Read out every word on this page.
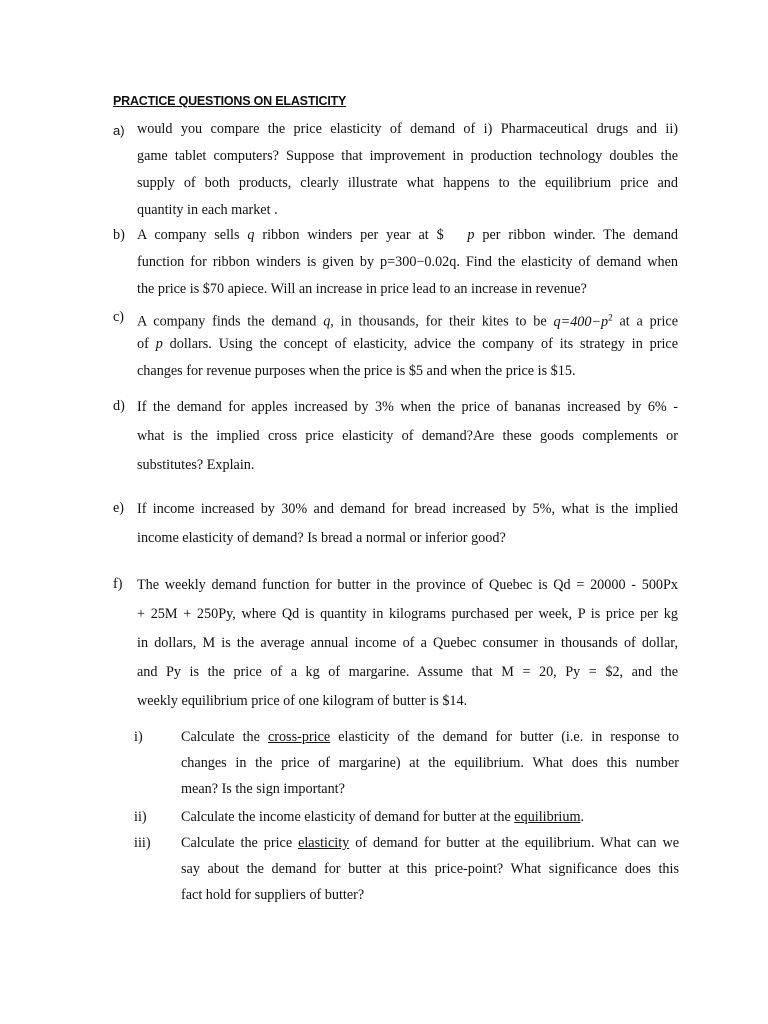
PRACTICE QUESTIONS ON ELASTICITY
a) would you compare the price elasticity of demand of i) Pharmaceutical drugs and ii)
game tablet computers? Suppose that improvement in production technology doubles the
supply of both products, clearly illustrate what happens to the equilibrium price and
quantity in each market .
b) A company sells q ribbon winders per year at $ p per ribbon winder. The demand
function for ribbon winders is given by p=300−0.02q. Find the elasticity of demand when
the price is $70 apiece. Will an increase in price lead to an increase in revenue?
c) A company finds the demand q, in thousands, for their kites to be $q=400-p^2$ at a price
of p dollars. Using the concept of elasticity, advice the company of its strategy in price
changes for revenue purposes when the price is $5 and when the price is $15.
d) If the demand for apples increased by 3% when the price of bananas increased by 6% -
what is the implied cross price elasticity of demand?Are these goods complements or
substitutes? Explain.
e) If income increased by 30% and demand for bread increased by 5%, what is the implied
income elasticity of demand? Is bread a normal or inferior good?
f) The weekly demand function for butter in the province of Quebec is Qd = 20000 - 500Px
+ 25M + 250Py, where Qd is quantity in kilograms purchased per week, P is price per kg
in dollars, M is the average annual income of a Quebec consumer in thousands of dollar,
and Py is the price of a kg of margarine. Assume that M = 20, Py = $2, and the
weekly equilibrium price of one kilogram of butter is $14.
i)	Calculate the cross-price elasticity of the demand for butter (i.e. in response to
changes in the price of margarine) at the equilibrium. What does this number
mean? Is the sign important?
ii) Calculate the income elasticity of demand for butter at the equilibrium.
iii) Calculate the price elasticity of demand for butter at the equilibrium. What can we
say about the demand for butter at this price-point? What significance does this
fact hold for suppliers of butter?
